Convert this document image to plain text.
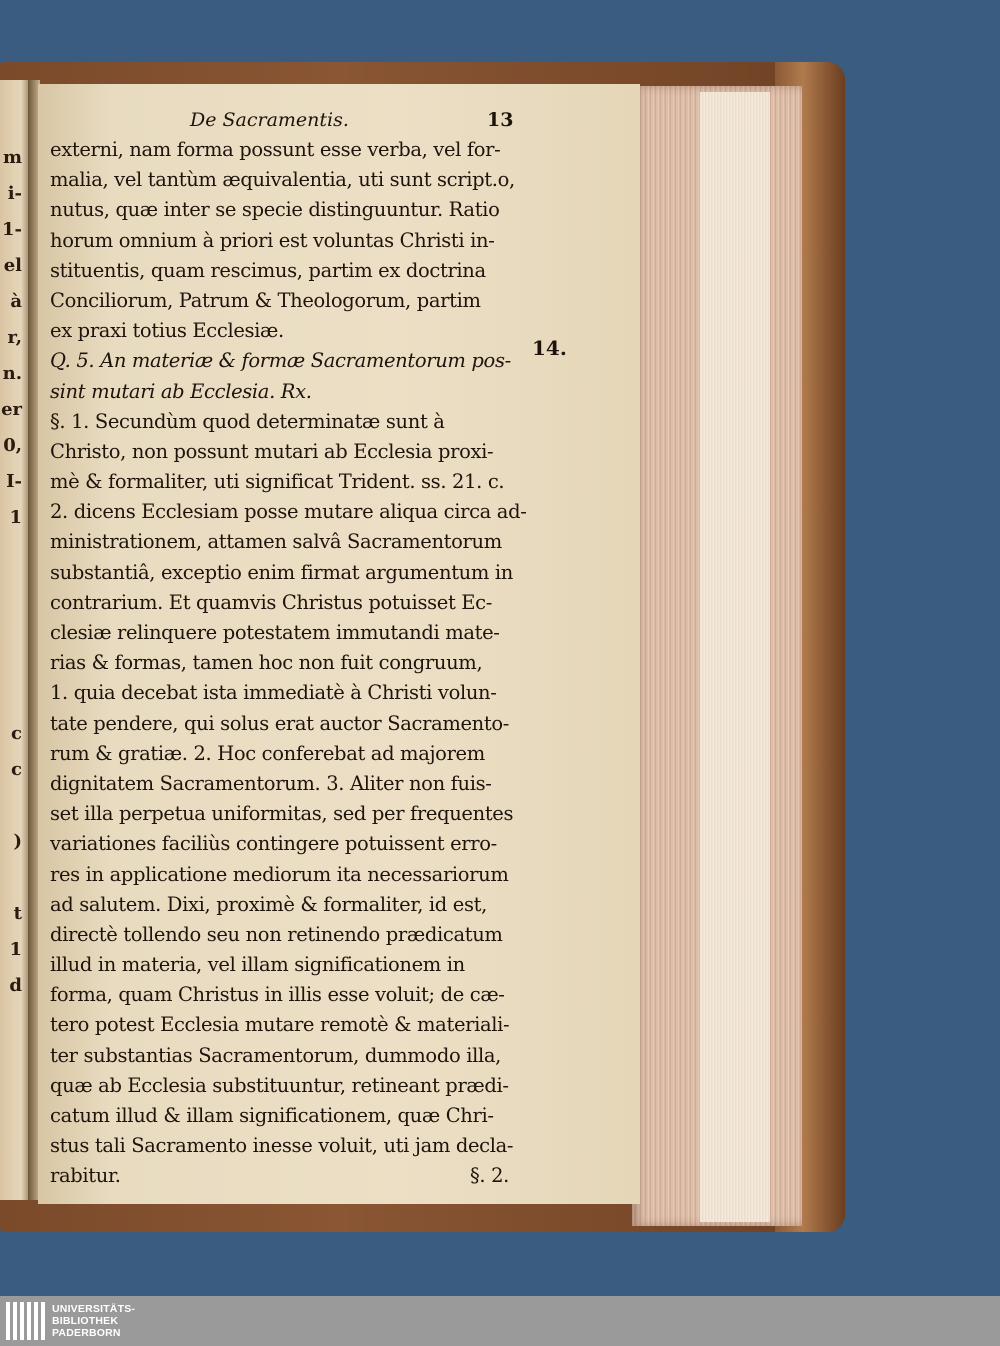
m
i-
1-
el
à
r,
n.
er
0,
I-
1
c
c
)
t
1
d
De Sacramentis.	13
externi, nam forma possunt esse verba, vel for-
malia, vel tantùm æquivalentia, uti sunt script.o,
nutus, quæ inter se specie distinguuntur. Ratio
horum omnium à priori est voluntas Christi in-
stituentis, quam rescimus, partim ex doctrina
Conciliorum, Patrum & Theologorum, partim
ex praxi totius Ecclesiæ.
Q. 5. An materiæ & formæ Sacramentorum pos-
sint mutari ab Ecclesia. Rx.
§. 1. Secundùm quod determinatæ sunt à
Christo, non possunt mutari ab Ecclesia proxi-
mè & formaliter, uti significat Trident. ss. 21. c.
2. dicens Ecclesiam posse mutare aliqua circa ad-
ministrationem, attamen salvâ Sacramentorum
substantiâ, exceptio enim firmat argumentum in
contrarium. Et quamvis Christus potuisset Ec-
clesiæ relinquere potestatem immutandi mate-
rias & formas, tamen hoc non fuit congruum,
1. quia decebat ista immediatè à Christi volun-
tate pendere, qui solus erat auctor Sacramento-
rum & gratiæ. 2. Hoc conferebat ad majorem
dignitatem Sacramentorum. 3. Aliter non fuis-
set illa perpetua uniformitas, sed per frequentes
variationes faciliùs contingere potuissent erro-
res in applicatione mediorum ita necessariorum
ad salutem. Dixi, proximè & formaliter, id est,
directè tollendo seu non retinendo prædicatum
illud in materia, vel illam significationem in
forma, quam Christus in illis esse voluit; de cæ-
tero potest Ecclesia mutare remotè & materiali-
ter substantias Sacramentorum, dummodo illa,
quæ ab Ecclesia substituuntur, retineant prædi-
catum illud & illam significationem, quæ Chri-
stus tali Sacramento inesse voluit, uti jam decla-
rabitur.	§. 2.
14.
UNIVERSITÄTS-
BIBLIOTHEK
PADERBORN
